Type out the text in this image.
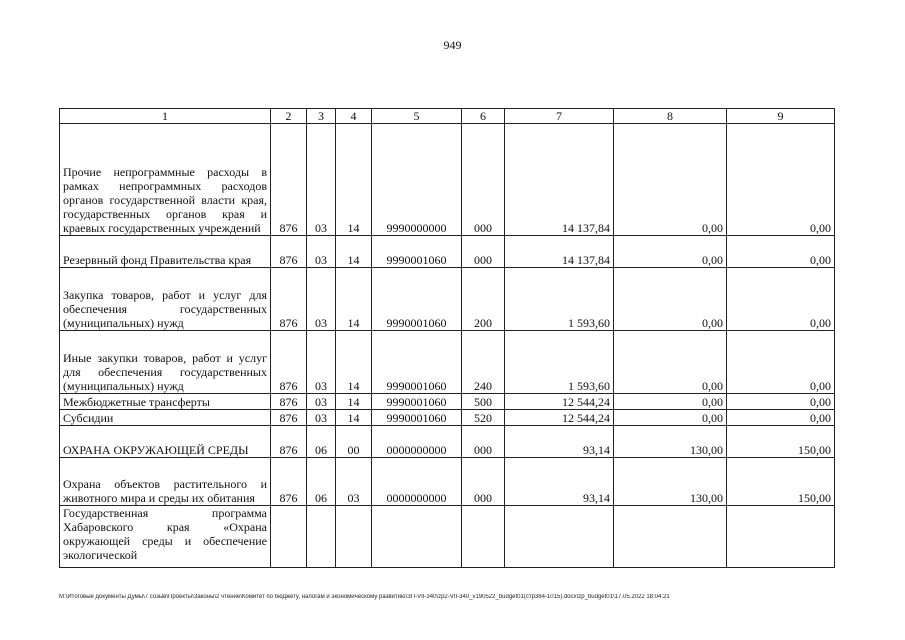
949
1	2	3	4	5	6	7	8	9
Прочие непрограммные расходы в рамках непрограммных расходов органов государственной власти края, государственных органов края и краевых государственных учреждений	876	03	14	9990000000	000	14 137,84	0,00	0,00
Резервный фонд Правительства края	876	03	14	9990001060	000	14 137,84	0,00	0,00
Закупка товаров, работ и услуг для обеспечения государственных (муниципальных) нужд	876	03	14	9990001060	200	1 593,60	0,00	0,00
Иные закупки товаров, работ и услуг для обеспечения государственных (муниципальных) нужд	876	03	14	9990001060	240	1 593,60	0,00	0,00
Межбюджетные трансферты	876	03	14	9990001060	500	12 544,24	0,00	0,00
Субсидии	876	03	14	9990001060	520	12 544,24	0,00	0,00
ОХРАНА ОКРУЖАЮЩЕЙ СРЕДЫ	876	06	00	0000000000	000	93,14	130,00	150,00
Охрана объектов растительного и животного мира и среды их обитания	876	06	03	0000000000	000	93,14	130,00	150,00
Государственная программа Хабаровского края «Охрана окружающей среды и обеспечение экологической								
M:\Итоговые документы Думы\7 созыв\Проекты\Законы\2 чтение\Комитет по бюджету, налогам и экономическому развитию\ЗП-VII-340\zp2-VII-340_v190522_budget01(стр384-1015).docx\zp_budget01\17.05.2022 18:04:21
